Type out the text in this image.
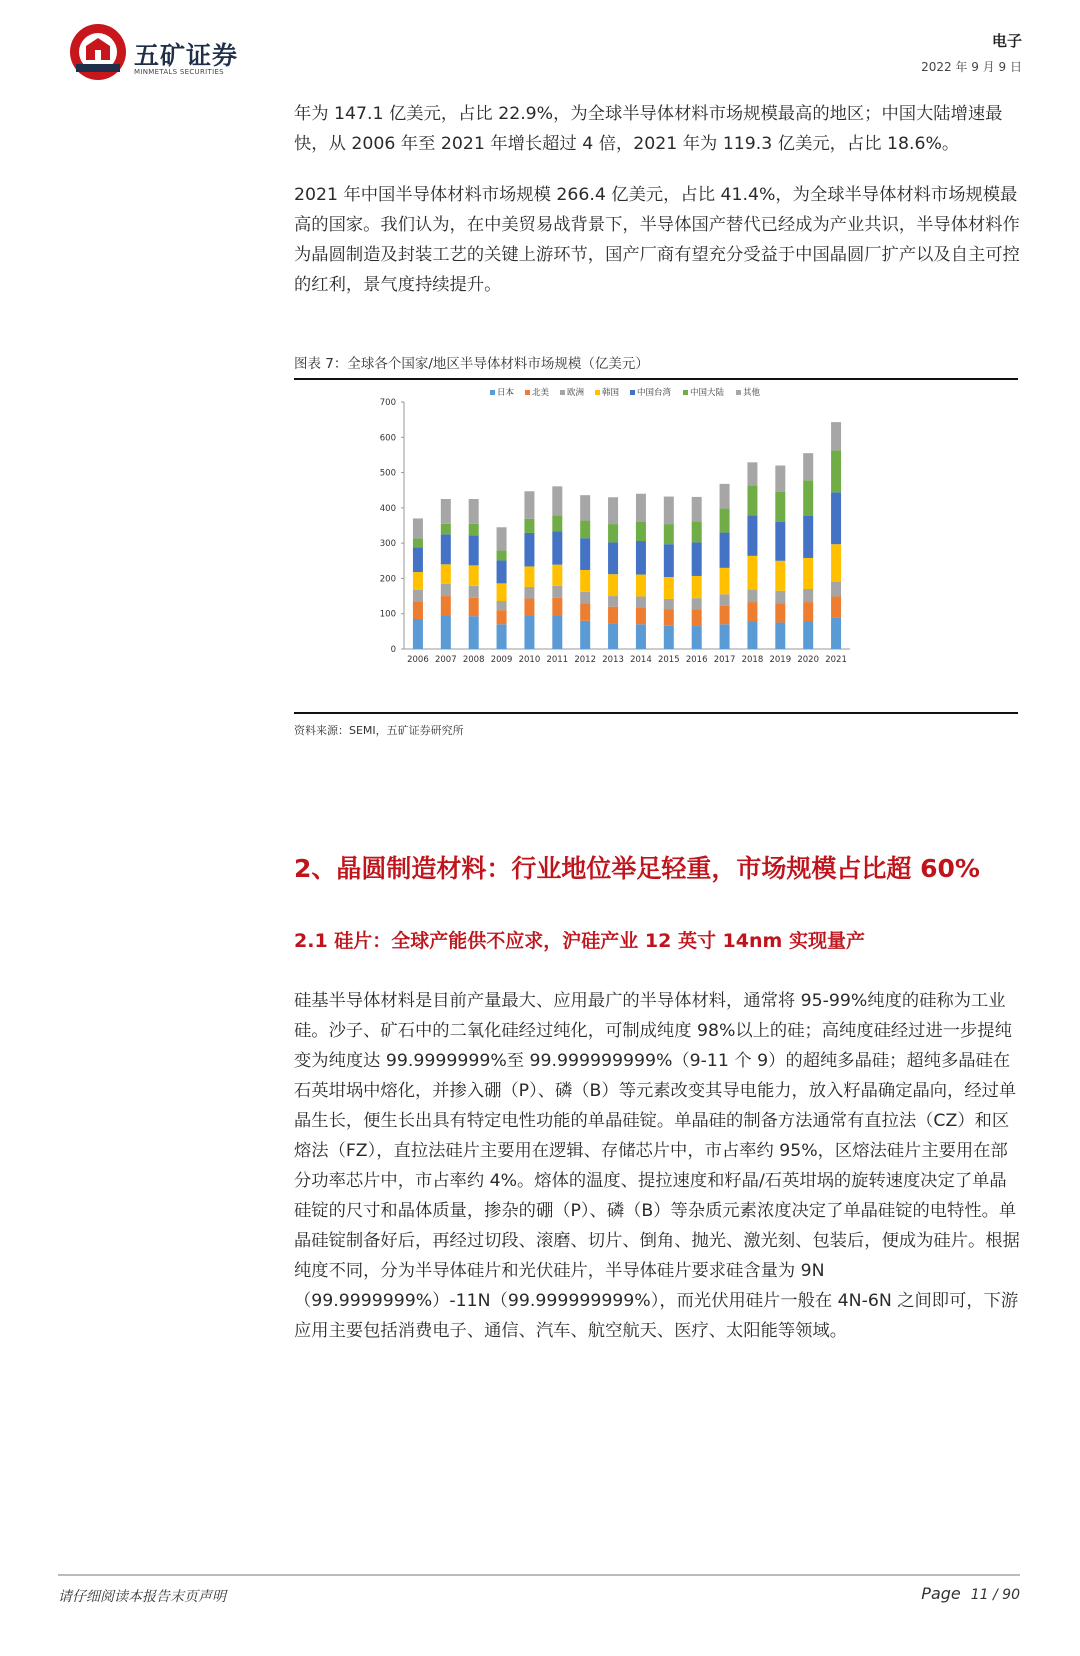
五矿证券
MINMETALS SECURITIES
电子
2022 年 9 月 9 日

年为 147.1 亿美元，占比 22.9%，为全球半导体材料市场规模最高的地区；中国大陆增速最快，从 2006 年至 2021 年增长超过 4 倍，2021 年为 119.3 亿美元，占比 18.6%。

2021 年中国半导体材料市场规模 266.4 亿美元，占比 41.4%，为全球半导体材料市场规模最高的国家。我们认为，在中美贸易战背景下，半导体国产替代已经成为产业共识，半导体材料作为晶圆制造及封装工艺的关键上游环节，国产厂商有望充分受益于中国晶圆厂扩产以及自主可控的红利，景气度持续提升。

图表 7：全球各个国家/地区半导体材料市场规模（亿美元）
0
100
200
300
400
500
600
700
2006 2007 2008 2009 2010 2011 2012 2013 2014 2015 2016 2017 2018 2019 2020 2021
日本 北美 欧洲 韩国 中国台湾 中国大陆 其他
资料来源：SEMI，五矿证券研究所
2、晶圆制造材料：行业地位举足轻重，市场规模占比超 60%
2.1 硅片：全球产能供不应求，沪硅产业 12 英寸 14nm 实现量产

硅基半导体材料是目前产量最大、应用最广的半导体材料，通常将 95-99%纯度的硅称为工业硅。沙子、矿石中的二氧化硅经过纯化，可制成纯度 98%以上的硅；高纯度硅经过进一步提纯变为纯度达 99.9999999%至 99.999999999%（9-11 个 9）的超纯多晶硅；超纯多晶硅在石英坩埚中熔化，并掺入硼（P）、磷（B）等元素改变其导电能力，放入籽晶确定晶向，经过单晶生长，便生长出具有特定电性功能的单晶硅锭。单晶硅的制备方法通常有直拉法（CZ）和区熔法（FZ），直拉法硅片主要用在逻辑、存储芯片中，市占率约 95%，区熔法硅片主要用在部分功率芯片中，市占率约 4%。熔体的温度、提拉速度和籽晶/石英坩埚的旋转速度决定了单晶硅锭的尺寸和晶体质量，掺杂的硼（P）、磷（B）等杂质元素浓度决定了单晶硅锭的电特性。单晶硅锭制备好后，再经过切段、滚磨、切片、倒角、抛光、激光刻、包装后，便成为硅片。根据纯度不同，分为半导体硅片和光伏硅片，半导体硅片要求硅含量为 9N（99.9999999%）-11N（99.999999999%），而光伏用硅片一般在 4N-6N 之间即可，下游应用主要包括消费电子、通信、汽车、航空航天、医疗、太阳能等领域。

请仔细阅读本报告末页声明	Page 11 / 90
